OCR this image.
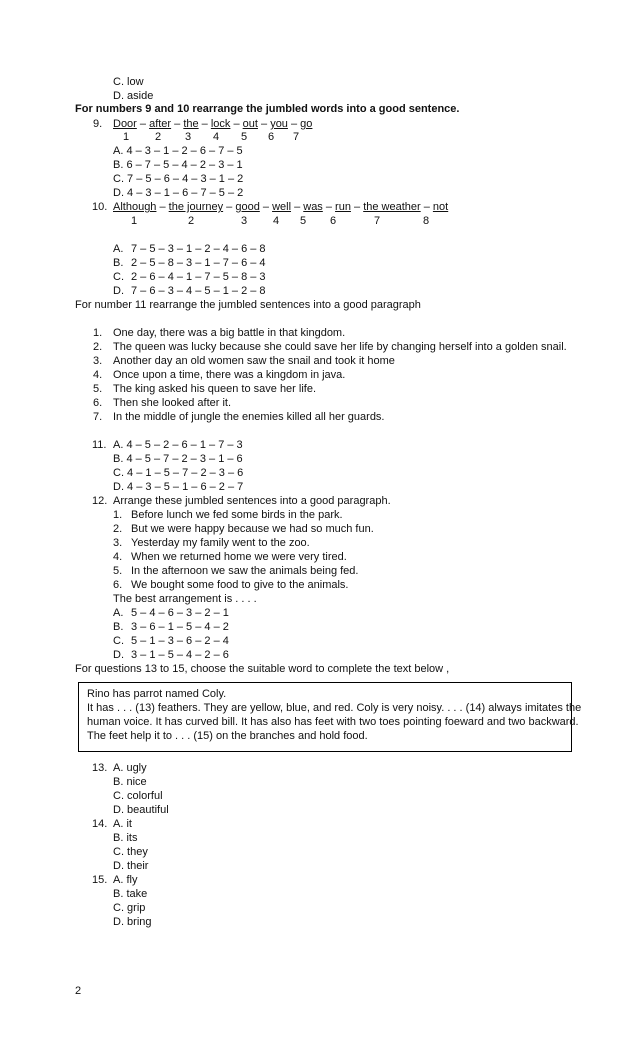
C. low
D. aside
For numbers 9 and 10 rearrange the jumbled words into a good sentence.
9. Door – after – the – lock – out – you – go
1 2 3 4 5 6 7
A. 4 – 3 – 1 – 2 – 6 – 7 – 5
B. 6 – 7 – 5 – 4 – 2 – 3 – 1
C. 7 – 5 – 6 – 4 – 3 – 1 – 2
D. 4 – 3 – 1 – 6 – 7 – 5 – 2
10. Although – the journey – good – well – was – run – the weather – not
1	2	3 4 5 6	7	8
A. 7 – 5 – 3 – 1 – 2 – 4 – 6 – 8
B. 2 – 5 – 8 – 3 – 1 – 7 – 6 – 4
C. 2 – 6 – 4 – 1 – 7 – 5 – 8 – 3
D. 7 – 6 – 3 – 4 – 5 – 1 – 2 – 8
For number 11 rearrange the jumbled sentences into a good paragraph
1. One day, there was a big battle in that kingdom.
2. The queen was lucky because she could save her life by changing herself into a golden snail.
3. Another day an old women saw the snail and took it home
4. Once upon a time, there was a kingdom in java.
5. The king asked his queen to save her life.
6. Then she looked after it.
7. In the middle of jungle the enemies killed all her guards.
11. A. 4 – 5 – 2 – 6 – 1 – 7 – 3
B. 4 – 5 – 7 – 2 – 3 – 1 – 6
C. 4 – 1 – 5 – 7 – 2 – 3 – 6
D. 4 – 3 – 5 – 1 – 6 – 2 – 7
12. Arrange these jumbled sentences into a good paragraph.
1. Before lunch we fed some birds in the park.
2. But we were happy because we had so much fun.
3. Yesterday my family went to the zoo.
4. When we returned home we were very tired.
5. In the afternoon we saw the animals being fed.
6. We bought some food to give to the animals.
The best arrangement is . . . .
A. 5 – 4 – 6 – 3 – 2 – 1
B. 3 – 6 – 1 – 5 – 4 – 2
C. 5 – 1 – 3 – 6 – 2 – 4
D. 3 – 1 – 5 – 4 – 2 – 6
For questions 13 to 15, choose the suitable word to complete the text below ,
Rino has parrot named Coly.
It has . . . (13) feathers. They are yellow, blue, and red. Coly is very noisy. . . . (14) always imitates the
human voice. It has curved bill. It has also has feet with two toes pointing foeward and two backward.
The feet help it to . . . (15) on the branches and hold food.
13. A. ugly
B. nice
C. colorful
D. beautiful
14. A. it
B. its
C. they
D. their
15. A. fly
B. take
C. grip
D. bring
2
